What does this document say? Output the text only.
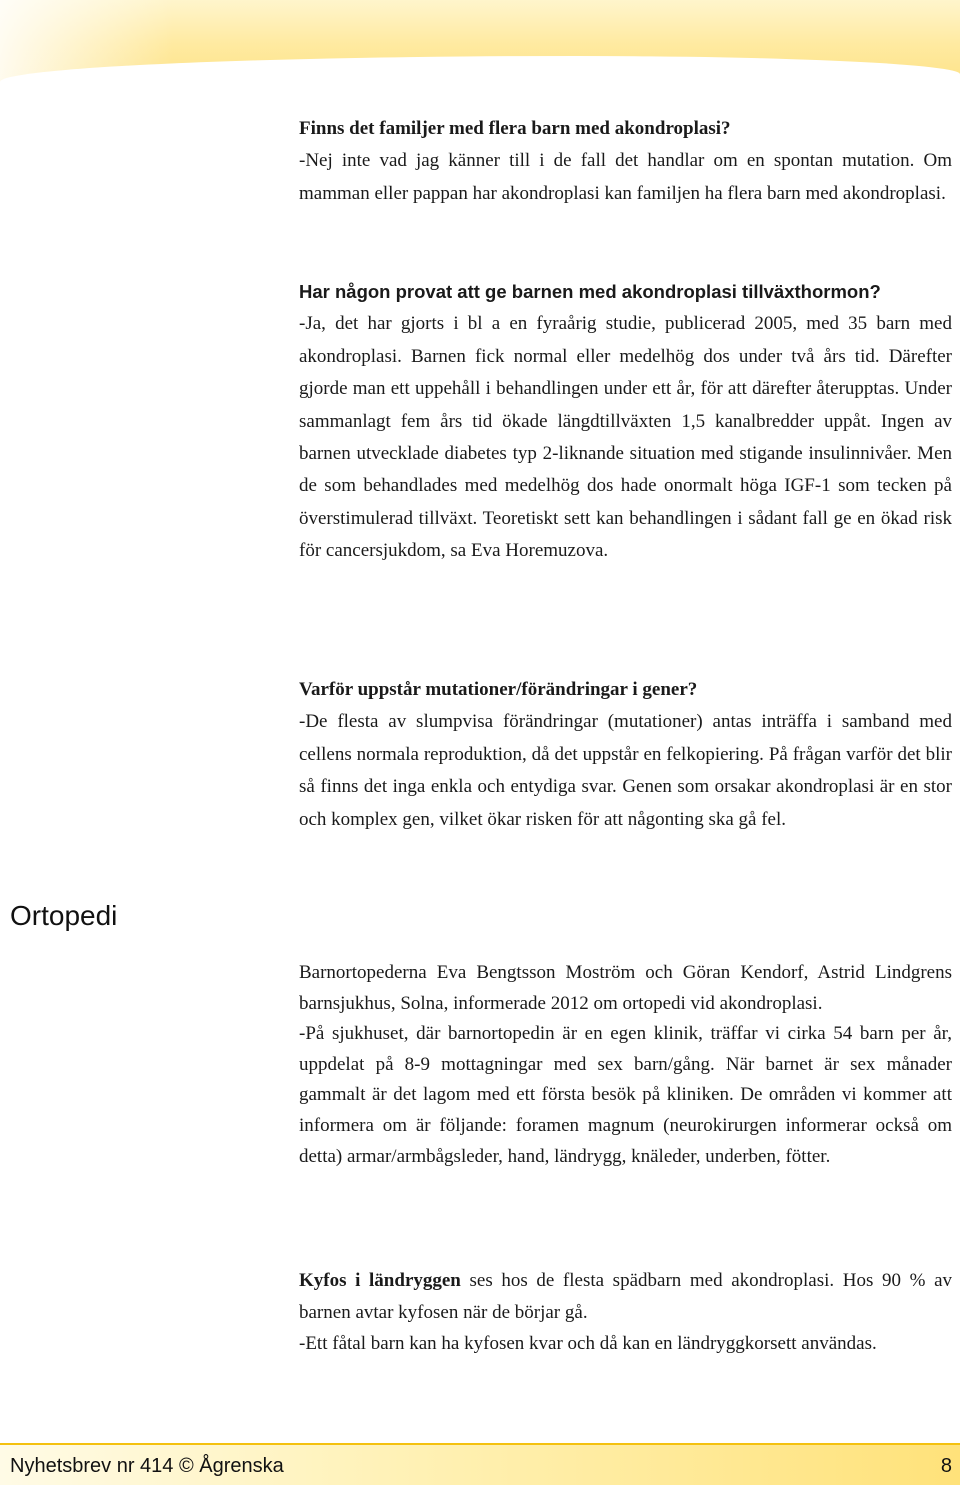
Finns det familjer med flera barn med akondroplasi?

-Nej inte vad jag känner till i de fall det handlar om en spontan mutation. Om mamman eller pappan har akondroplasi kan familjen ha flera barn med akondroplasi.

Har någon provat att ge barnen med akondroplasi tillväxthormon?

-Ja, det har gjorts i bl a en fyraårig studie, publicerad 2005, med 35 barn med akondroplasi. Barnen fick normal eller medelhög dos under två års tid. Därefter gjorde man ett uppehåll i behandlingen under ett år, för att därefter återupptas. Under sammanlagt fem års tid ökade längdtillväxten 1,5 kanalbredder uppåt. Ingen av barnen utvecklade diabetes typ 2-liknande situation med stigande insulinnivåer. Men de som behandlades med medelhög dos hade onormalt höga IGF-1 som tecken på överstimulerad tillväxt. Teoretiskt sett kan behandlingen i sådant fall ge en ökad risk för cancersjukdom, sa Eva Horemuzova.

Varför uppstår mutationer/förändringar i gener?

-De flesta av slumpvisa förändringar (mutationer) antas inträffa i samband med cellens normala reproduktion, då det uppstår en felkopiering. På frågan varför det blir så finns det inga enkla och entydiga svar. Genen som orsakar akondroplasi är en stor och komplex gen, vilket ökar risken för att någonting ska gå fel.

Ortopedi

Barnortopederna Eva Bengtsson Moström och Göran Kendorf, Astrid Lindgrens barnsjukhus, Solna, informerade 2012 om ortopedi vid akondroplasi.

-På sjukhuset, där barnortopedin är en egen klinik, träffar vi cirka 54 barn per år, uppdelat på 8-9 mottagningar med sex barn/gång. När barnet är sex månader gammalt är det lagom med ett första besök på kliniken. De områden vi kommer att informera om är följande: foramen magnum (neurokirurgen informerar också om detta) armar/armbågsleder, hand, ländrygg, knäleder, underben, fötter.

Kyfos i ländryggen ses hos de flesta spädbarn med akondroplasi. Hos 90 % av barnen avtar kyfosen när de börjar gå.

-Ett fåtal barn kan ha kyfosen kvar och då kan en ländryggkorsett användas.

Nyhetsbrev nr 414 © Ågrenska	8
